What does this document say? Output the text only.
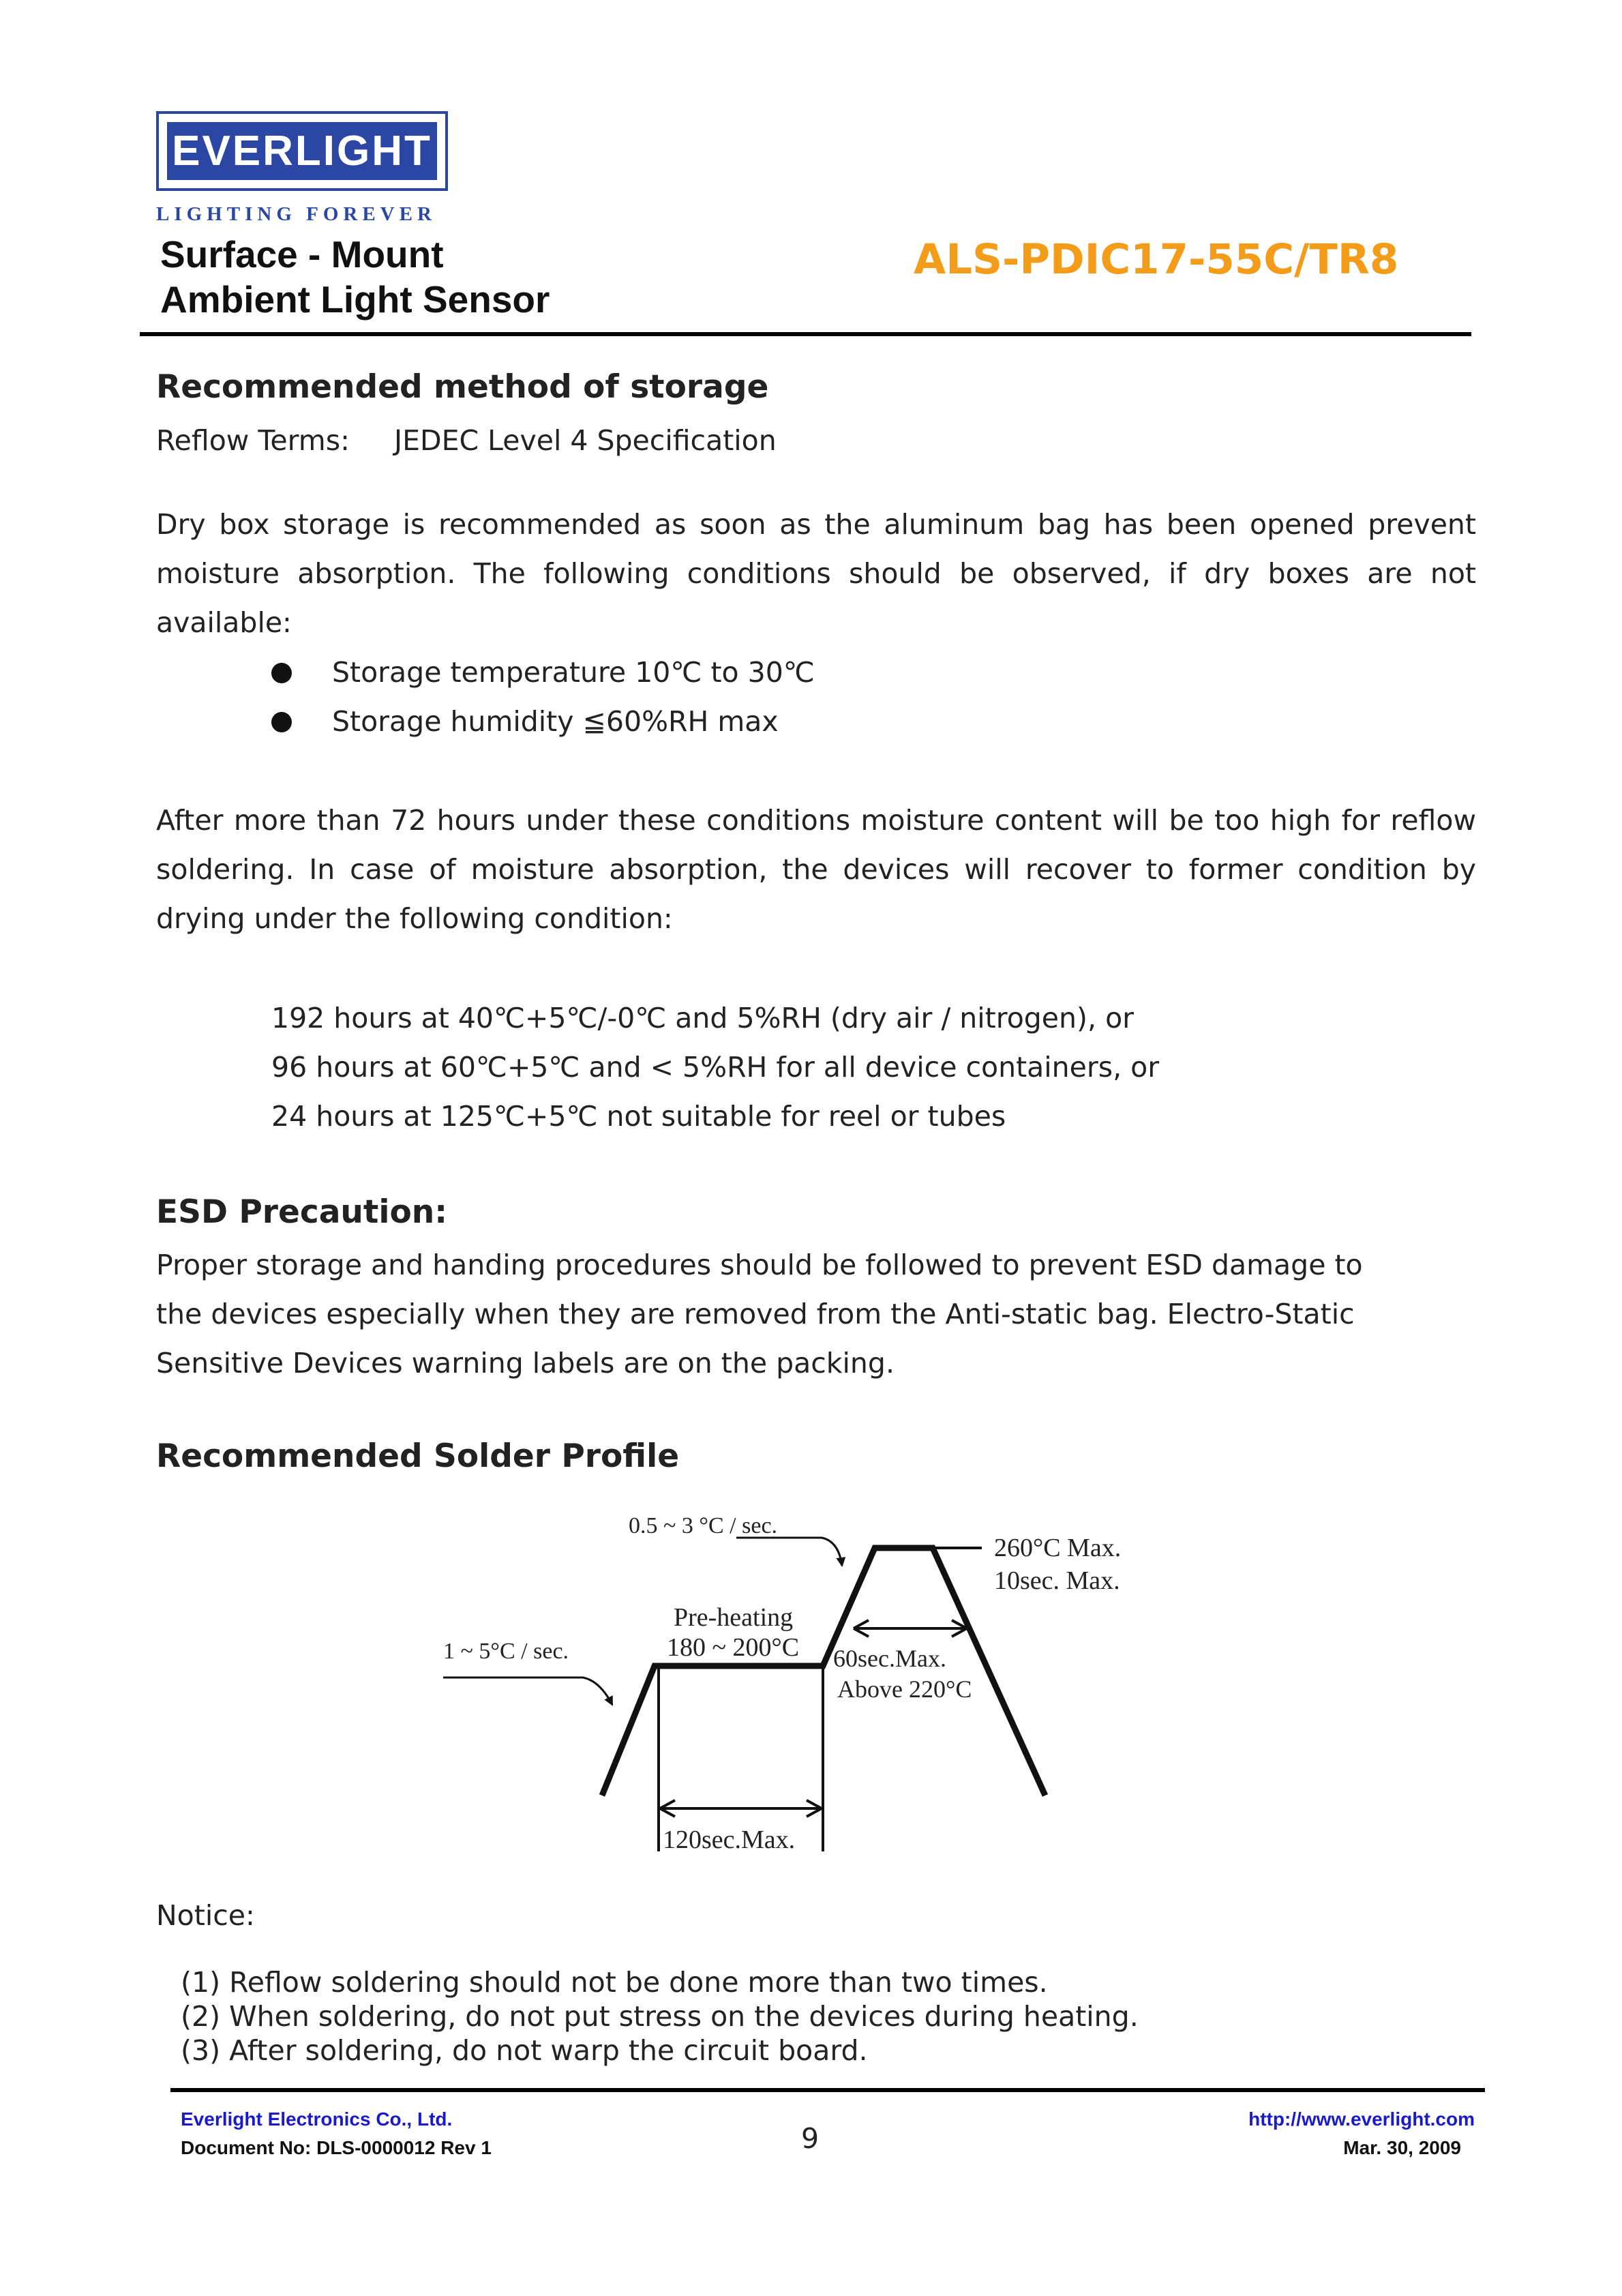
EVERLIGHT
LIGHTING FOREVER
Surface - Mount
Ambient Light Sensor
ALS-PDIC17-55C/TR8
Recommended method of storage
Reflow Terms: JEDEC Level 4 Specification
Dry box storage is recommended as soon as the aluminum bag has been opened prevent moisture absorption. The following conditions should be observed, if dry boxes are not available:
Storage temperature 10℃ to 30℃
Storage humidity ≦60%RH max
After more than 72 hours under these conditions moisture content will be too high for reflow soldering. In case of moisture absorption, the devices will recover to former condition by drying under the following condition:
192 hours at 40℃+5℃/-0℃ and 5%RH (dry air / nitrogen), or
96 hours at 60℃+5℃ and < 5%RH for all device containers, or
24 hours at 125℃+5℃ not suitable for reel or tubes
ESD Precaution:
Proper storage and handing procedures should be followed to prevent ESD damage to
the devices especially when they are removed from the Anti-static bag. Electro-Static
Sensitive Devices warning labels are on the packing.
Recommended Solder Profile
0.5 ~ 3 °C / sec.
1 ~ 5°C / sec.
Pre-heating
180 ~ 200°C
260°C Max.
10sec. Max.
60sec.Max.
Above 220°C
120sec.Max.
Notice:
(1) Reflow soldering should not be done more than two times.
(2) When soldering, do not put stress on the devices during heating.
(3) After soldering, do not warp the circuit board.
Everlight Electronics Co., Ltd.
Document No: DLS-0000012 Rev 1	9
http://www.everlight.com
Mar. 30, 2009
